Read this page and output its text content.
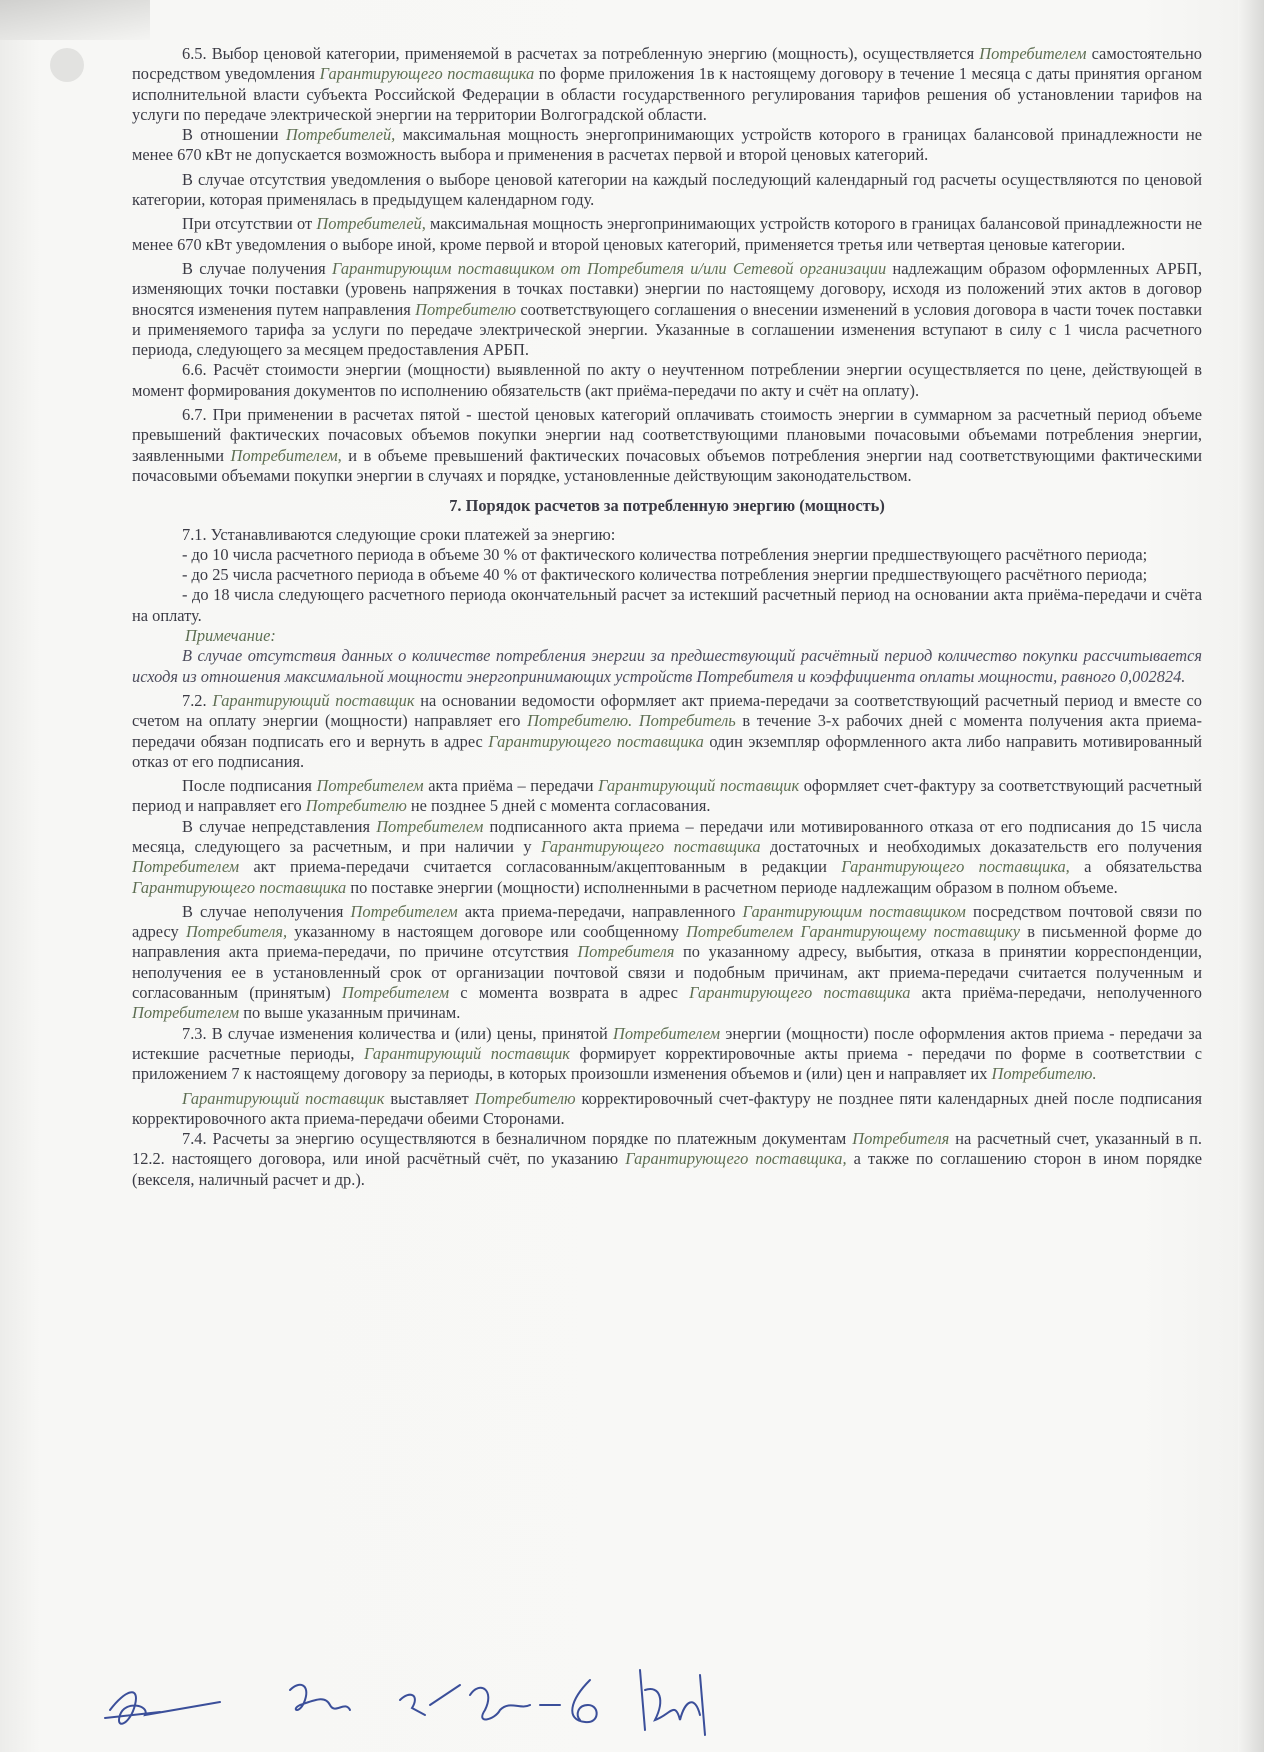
6.5. Выбор ценовой категории, применяемой в расчетах за потребленную энергию (мощность), осуществляется Потребителем самостоятельно посредством уведомления Гарантирующего поставщика по форме приложения 1в к настоящему договору в течение 1 месяца с даты принятия органом исполнительной власти субъекта Российской Федерации в области государственного регулирования тарифов решения об установлении тарифов на услуги по передаче электрической энергии на территории Волгоградской области.

В отношении Потребителей, максимальная мощность энергопринимающих устройств которого в границах балансовой принадлежности не менее 670 кВт не допускается возможность выбора и применения в расчетах первой и второй ценовых категорий.

В случае отсутствия уведомления о выборе ценовой категории на каждый последующий календарный год расчеты осуществляются по ценовой категории, которая применялась в предыдущем календарном году.

При отсутствии от Потребителей, максимальная мощность энергопринимающих устройств которого в границах балансовой принадлежности не менее 670 кВт уведомления о выборе иной, кроме первой и второй ценовых категорий, применяется третья или четвертая ценовые категории.

В случае получения Гарантирующим поставщиком от Потребителя и/или Сетевой организации надлежащим образом оформленных АРБП, изменяющих точки поставки (уровень напряжения в точках поставки) энергии по настоящему договору, исходя из положений этих актов в договор вносятся изменения путем направления Потребителю соответствующего соглашения о внесении изменений в условия договора в части точек поставки и применяемого тарифа за услуги по передаче электрической энергии. Указанные в соглашении изменения вступают в силу с 1 числа расчетного периода, следующего за месяцем предоставления АРБП.

6.6. Расчёт стоимости энергии (мощности) выявленной по акту о неучтенном потреблении энергии осуществляется по цене, действующей в момент формирования документов по исполнению обязательств (акт приёма-передачи по акту и счёт на оплату).

6.7. При применении в расчетах пятой - шестой ценовых категорий оплачивать стоимость энергии в суммарном за расчетный период объеме превышений фактических почасовых объемов покупки энергии над соответствующими плановыми почасовыми объемами потребления энергии, заявленными Потребителем, и в объеме превышений фактических почасовых объемов потребления энергии над соответствующими фактическими почасовыми объемами покупки энергии в случаях и порядке, установленные действующим законодательством.

7. Порядок расчетов за потребленную энергию (мощность)

7.1. Устанавливаются следующие сроки платежей за энергию:

- до 10 числа расчетного периода в объеме 30 % от фактического количества потребления энергии предшествующего расчётного периода;

- до 25 числа расчетного периода в объеме 40 % от фактического количества потребления энергии предшествующего расчётного периода;

- до 18 числа следующего расчетного периода окончательный расчет за истекший расчетный период на основании акта приёма-передачи и счёта на оплату.

Примечание:

В случае отсутствия данных о количестве потребления энергии за предшествующий расчётный период количество покупки рассчитывается исходя из отношения максимальной мощности энергопринимающих устройств Потребителя и коэффициента оплаты мощности, равного 0,002824.

7.2. Гарантирующий поставщик на основании ведомости оформляет акт приема-передачи за соответствующий расчетный период и вместе со счетом на оплату энергии (мощности) направляет его Потребителю. Потребитель в течение 3-х рабочих дней с момента получения акта приема-передачи обязан подписать его и вернуть в адрес Гарантирующего поставщика один экземпляр оформленного акта либо направить мотивированный отказ от его подписания.

После подписания Потребителем акта приёма – передачи Гарантирующий поставщик оформляет счет-фактуру за соответствующий расчетный период и направляет его Потребителю не позднее 5 дней с момента согласования.

В случае непредставления Потребителем подписанного акта приема – передачи или мотивированного отказа от его подписания до 15 числа месяца, следующего за расчетным, и при наличии у Гарантирующего поставщика достаточных и необходимых доказательств его получения Потребителем акт приема-передачи считается согласованным/акцептованным в редакции Гарантирующего поставщика, а обязательства Гарантирующего поставщика по поставке энергии (мощности) исполненными в расчетном периоде надлежащим образом в полном объеме.

В случае неполучения Потребителем акта приема-передачи, направленного Гарантирующим поставщиком посредством почтовой связи по адресу Потребителя, указанному в настоящем договоре или сообщенному Потребителем Гарантирующему поставщику в письменной форме до направления акта приема-передачи, по причине отсутствия Потребителя по указанному адресу, выбытия, отказа в принятии корреспонденции, неполучения ее в установленный срок от организации почтовой связи и подобным причинам, акт приема-передачи считается полученным и согласованным (принятым) Потребителем с момента возврата в адрес Гарантирующего поставщика акта приёма-передачи, неполученного Потребителем по выше указанным причинам.

7.3. В случае изменения количества и (или) цены, принятой Потребителем энергии (мощности) после оформления актов приема - передачи за истекшие расчетные периоды, Гарантирующий поставщик формирует корректировочные акты приема - передачи по форме в соответствии с приложением 7 к настоящему договору за периоды, в которых произошли изменения объемов и (или) цен и направляет их Потребителю.

Гарантирующий поставщик выставляет Потребителю корректировочный счет-фактуру не позднее пяти календарных дней после подписания корректировочного акта приема-передачи обеими Сторонами.

7.4. Расчеты за энергию осуществляются в безналичном порядке по платежным документам Потребителя на расчетный счет, указанный в п. 12.2. настоящего договора, или иной расчётный счёт, по указанию Гарантирующего поставщика, а также по соглашению сторон в ином порядке (векселя, наличный расчет и др.).
